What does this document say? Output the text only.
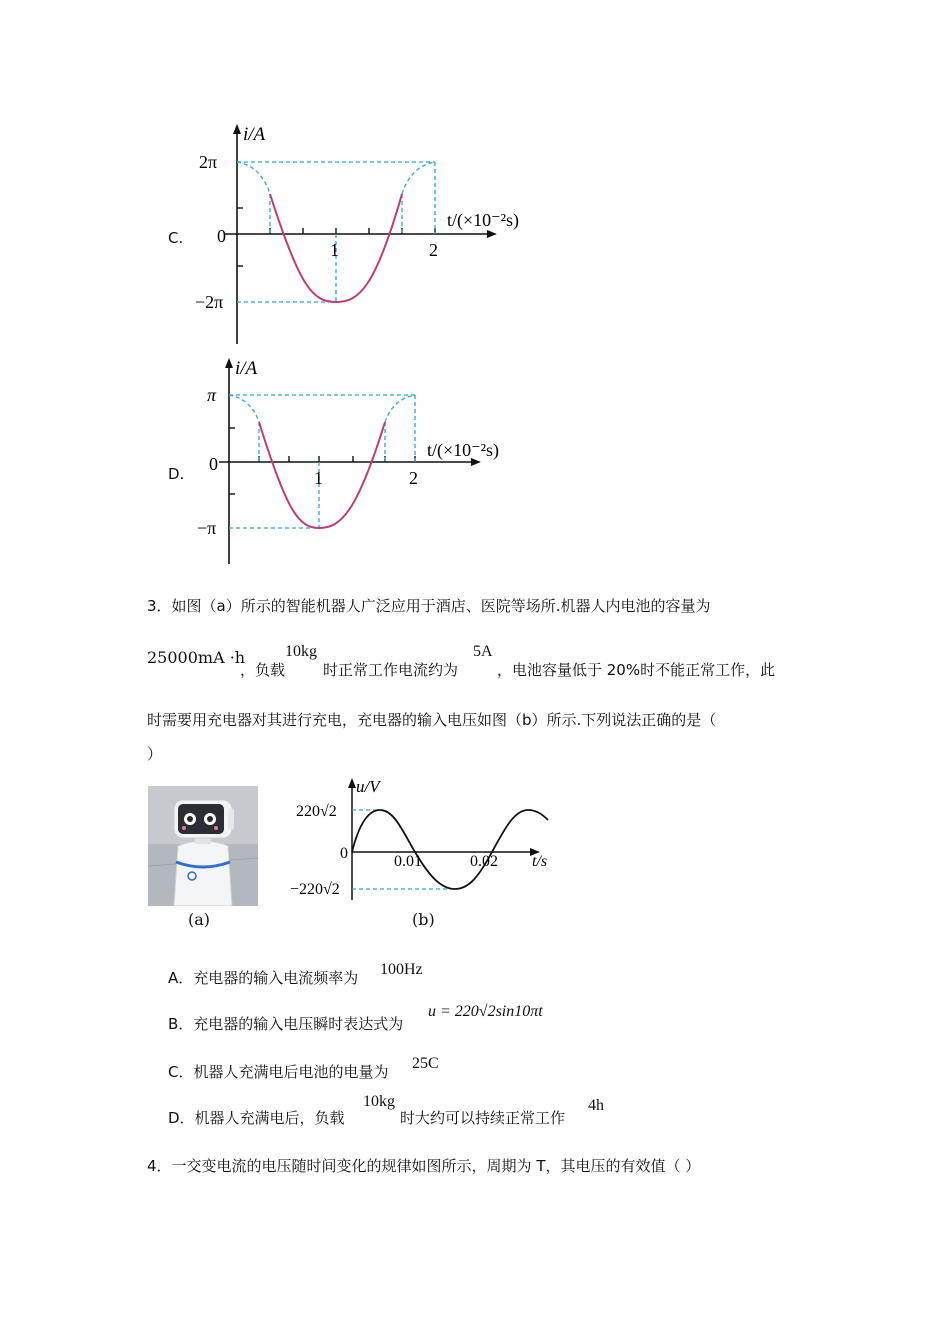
C.
i/A
2π
0
−2π
1	2
t/(×10⁻²s)
D.
i/A
π
0
−π
1	2
t/(×10⁻²s)
3．如图（a）所示的智能机器人广泛应用于酒店、医院等场所.机器人内电池的容量为
25000mA ·h
，负载
10kg
时正常工作电流约为
5A
，电池容量低于 20%时不能正常工作，此
时需要用充电器对其进行充电，充电器的输入电压如图（b）所示.下列说法正确的是（
）
(a)
u/V
220√2
0
−220√2
0.01	0.02 t/s
(b)
A．充电器的输入电流频率为 100Hz
B．充电器的输入电压瞬时表达式为
u = 220√2sin10πt
C．机器人充满电后电池的电量为 25C
D．机器人充满电后，负载
10kg
时大约可以持续正常工作
4h
4．一交变电流的电压随时间变化的规律如图所示，周期为 T，其电压的有效值（ ）
